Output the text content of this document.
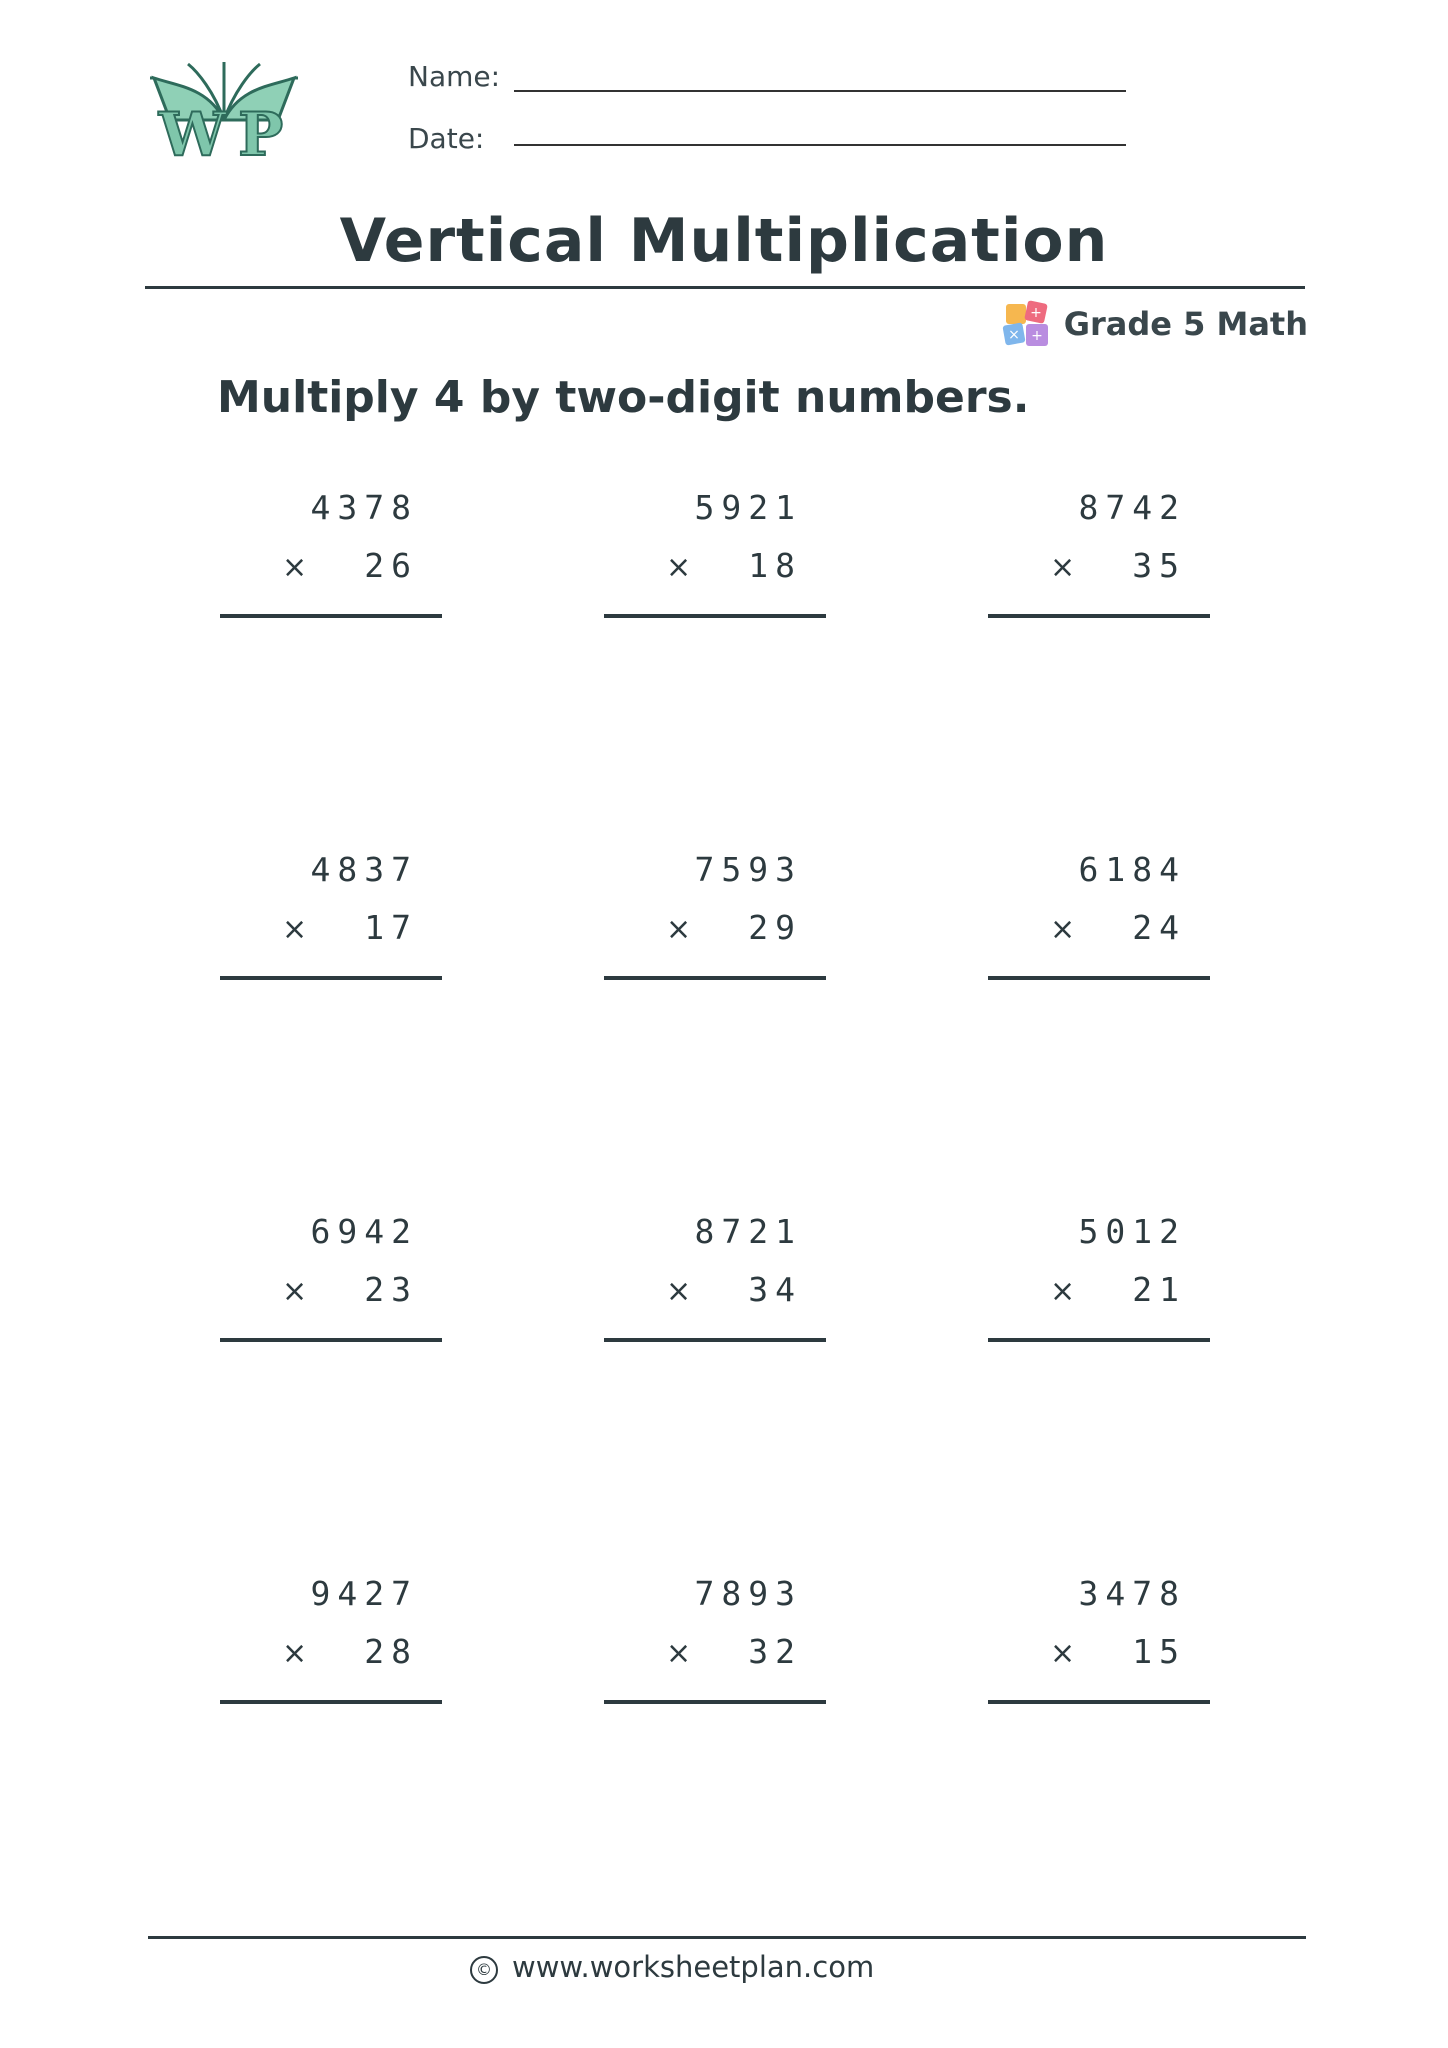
WP
Name:
Date:
Vertical Multiplication
+
× + Grade 5 Math
Multiply 4 by two-digit numbers.
4378
× 26
5921
× 18
8742
× 35
4837
× 17
7593
× 29
6184
× 24
6942
× 23
8721
× 34
5012
× 21
9427
× 28
7893
× 32
3478
× 15
© www.worksheetplan.com
